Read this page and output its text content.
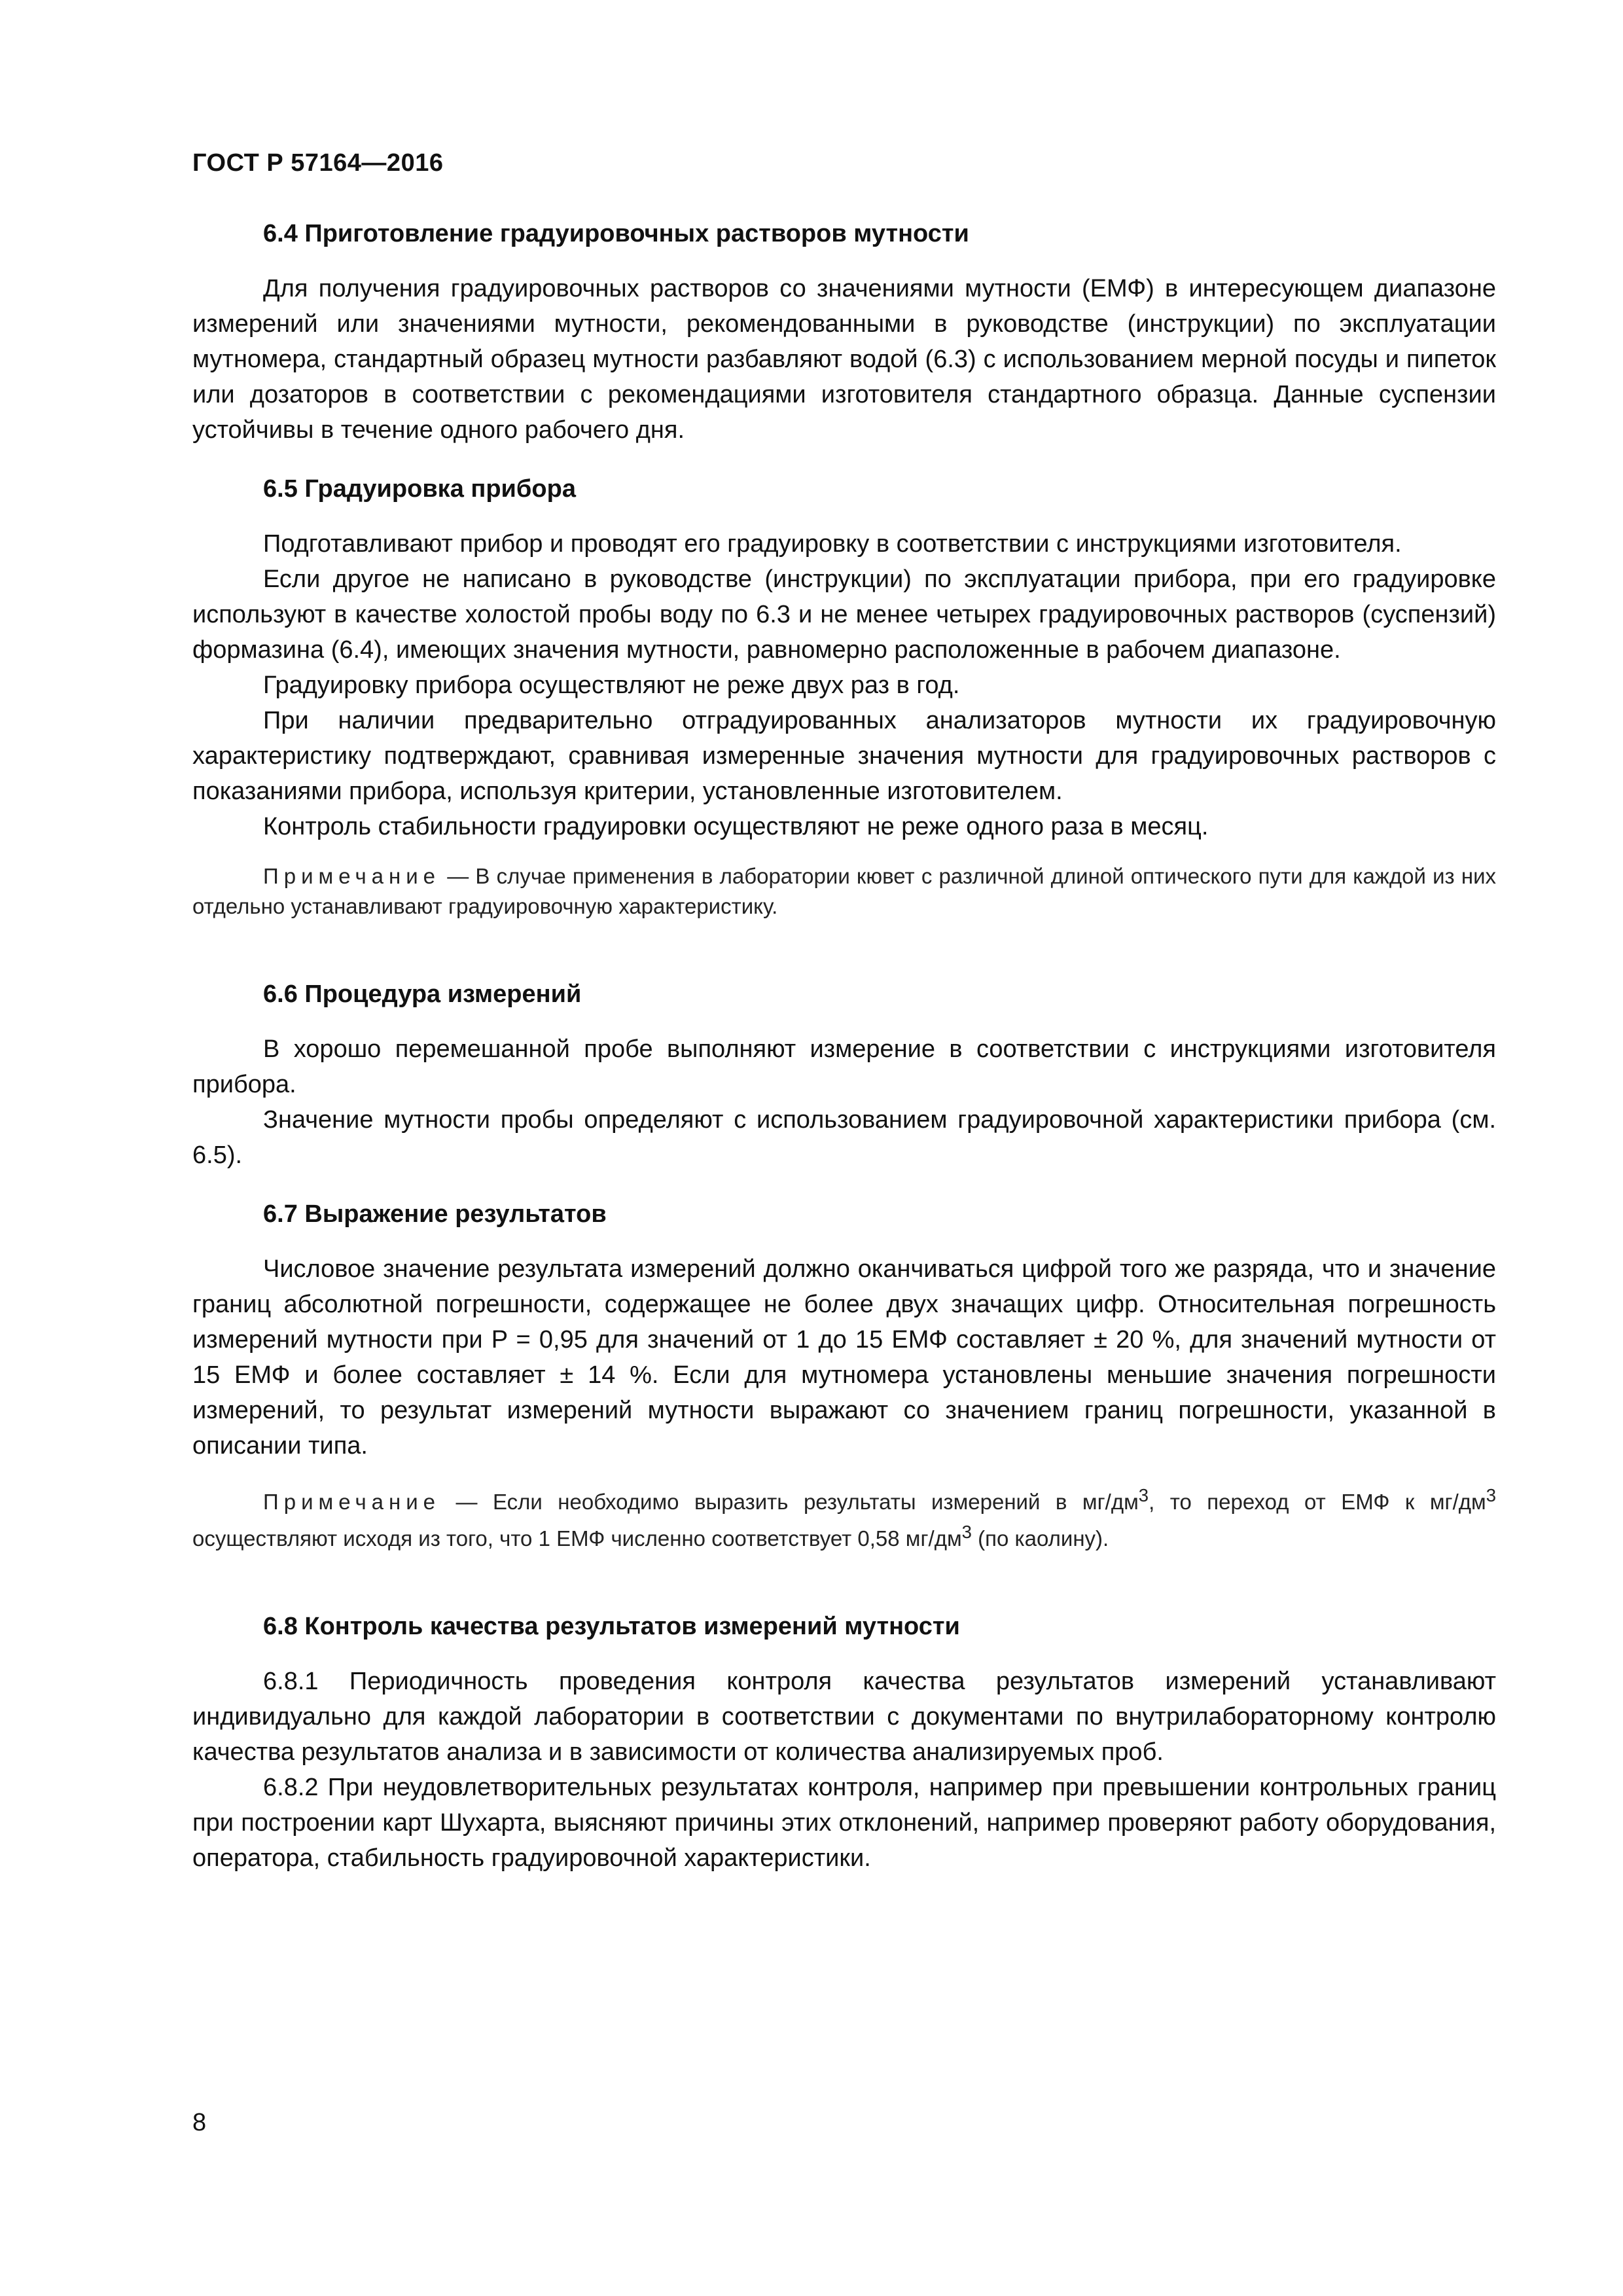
ГОСТ Р 57164—2016
6.4 Приготовление градуировочных растворов мутности

Для получения градуировочных растворов со значениями мутности (ЕМФ) в интересующем диапазоне измерений или значениями мутности, рекомендованными в руководстве (инструкции) по эксплуатации мутномера, стандартный образец мутности разбавляют водой (6.3) с использованием мерной посуды и пипеток или дозаторов в соответствии с рекомендациями изготовителя стандартного образца. Данные суспензии устойчивы в течение одного рабочего дня.

6.5 Градуировка прибора

Подготавливают прибор и проводят его градуировку в соответствии с инструкциями изготовителя.

Если другое не написано в руководстве (инструкции) по эксплуатации прибора, при его градуировке используют в качестве холостой пробы воду по 6.3 и не менее четырех градуировочных растворов (суспензий) формазина (6.4), имеющих значения мутности, равномерно расположенные в рабочем диапазоне.

Градуировку прибора осуществляют не реже двух раз в год.

При наличии предварительно отградуированных анализаторов мутности их градуировочную характеристику подтверждают, сравнивая измеренные значения мутности для градуировочных растворов с показаниями прибора, используя критерии, установленные изготовителем.

Контроль стабильности градуировки осуществляют не реже одного раза в месяц.

Примечание — В случае применения в лаборатории кювет с различной длиной оптического пути для каждой из них отдельно устанавливают градуировочную характеристику.

6.6 Процедура измерений

В хорошо перемешанной пробе выполняют измерение в соответствии с инструкциями изготовителя прибора.

Значение мутности пробы определяют с использованием градуировочной характеристики прибора (см. 6.5).

6.7 Выражение результатов

Числовое значение результата измерений должно оканчиваться цифрой того же разряда, что и значение границ абсолютной погрешности, содержащее не более двух значащих цифр. Относительная погрешность измерений мутности при P = 0,95 для значений от 1 до 15 ЕМФ составляет ± 20 %, для значений мутности от 15 ЕМФ и более составляет ± 14 %. Если для мутномера установлены меньшие значения погрешности измерений, то результат измерений мутности выражают со значением границ погрешности, указанной в описании типа.

Примечание — Если необходимо выразить результаты измерений в $мг/дм^3$, то переход от ЕМФ к $мг/дм^3$ осуществляют исходя из того, что 1 ЕМФ численно соответствует 0,58 $мг/дм^3$ (по каолину).

6.8 Контроль качества результатов измерений мутности

6.8.1 Периодичность проведения контроля качества результатов измерений устанавливают индивидуально для каждой лаборатории в соответствии с документами по внутрилабораторному контролю качества результатов анализа и в зависимости от количества анализируемых проб.

6.8.2 При неудовлетворительных результатах контроля, например при превышении контрольных границ при построении карт Шухарта, выясняют причины этих отклонений, например проверяют работу оборудования, оператора, стабильность градуировочной характеристики.

8
